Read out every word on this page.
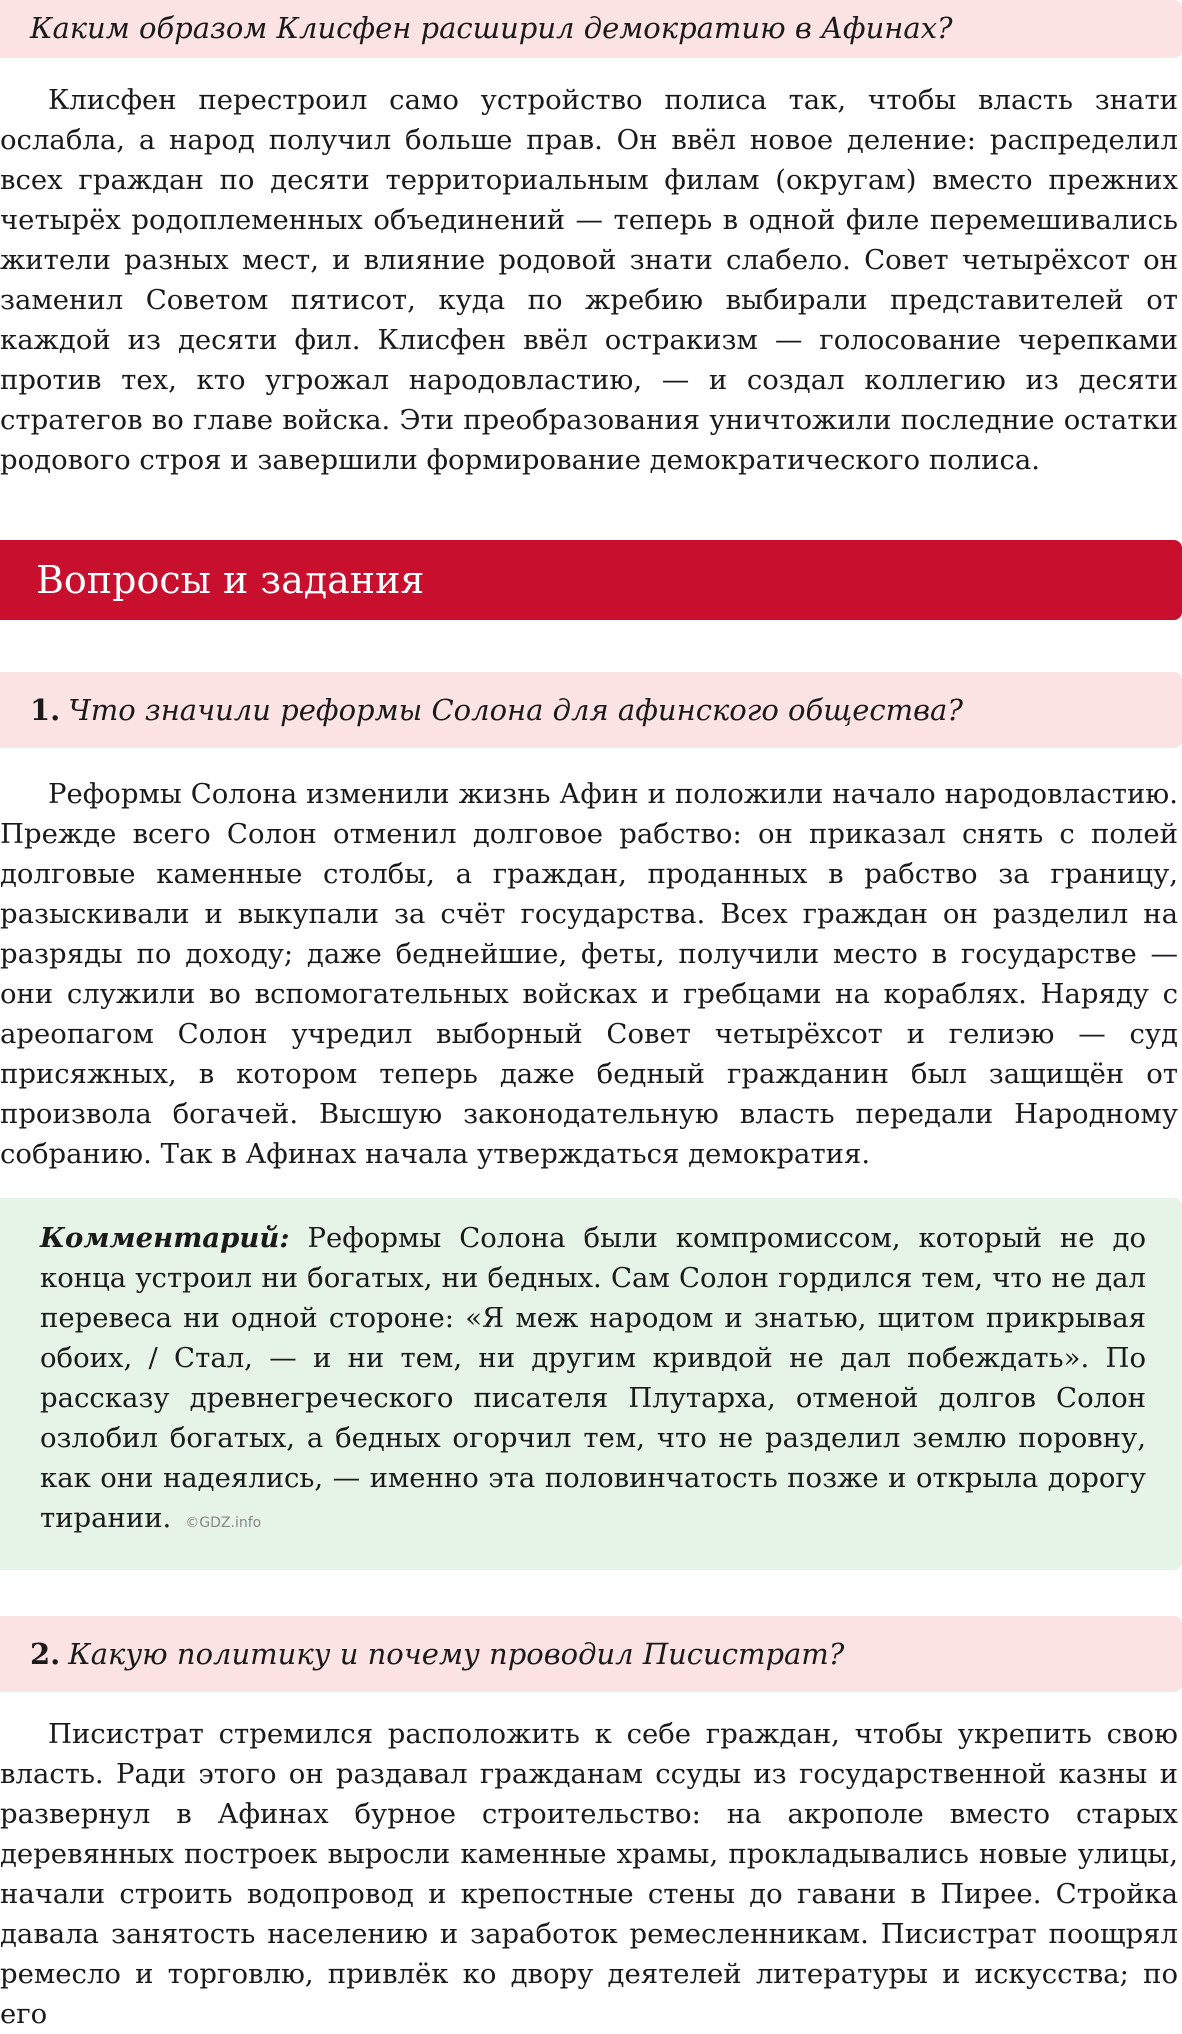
Каким образом Клисфен расширил демократию в Афинах?

Клисфен перестроил само устройство полиса так, чтобы власть знати ослабла, а народ получил больше прав. Он ввёл новое деление: распределил всех граждан по десяти территориальным филам (округам) вместо прежних четырёх родоплеменных объединений — теперь в одной филе перемешивались жители разных мест, и влияние родовой знати слабело. Совет четырёхсот он заменил Советом пятисот, куда по жребию выбирали представителей от каждой из десяти фил. Клисфен ввёл остракизм — голосование черепками против тех, кто угрожал народовластию, — и создал коллегию из десяти стратегов во главе войска. Эти преобразования уничтожили последние остатки родового строя и завершили формирование демократического полиса.

Вопросы и задания
1. Что значили реформы Солона для афинского общества?

Реформы Солона изменили жизнь Афин и положили начало народовластию. Прежде всего Солон отменил долговое рабство: он приказал снять с полей долговые каменные столбы, а граждан, проданных в рабство за границу, разыскивали и выкупали за счёт государства. Всех граждан он разделил на разряды по доходу; даже беднейшие, феты, получили место в государстве — они служили во вспомогательных войсках и гребцами на кораблях. Наряду с ареопагом Солон учредил выборный Совет четырёхсот и гелиэю — суд присяжных, в котором теперь даже бедный гражданин был защищён от произвола богачей. Высшую законодательную власть передали Народному собранию. Так в Афинах начала утверждаться демократия.

Комментарий: Реформы Солона были компромиссом, который не до конца устроил ни богатых, ни бедных. Сам Солон гордился тем, что не дал перевеса ни одной стороне: «Я меж народом и знатью, щитом прикрывая обоих, / Стал, — и ни тем, ни другим кривдой не дал побеждать». По рассказу древнегреческого писателя Плутарха, отменой долгов Солон озлобил богатых, а бедных огорчил тем, что не разделил землю поровну, как они надеялись, — именно эта половинчатость позже и открыла дорогу тирании. ©GDZ.info

2. Какую политику и почему проводил Писистрат?

Писистрат стремился расположить к себе граждан, чтобы укрепить свою власть. Ради этого он раздавал гражданам ссуды из государственной казны и развернул в Афинах бурное строительство: на акрополе вместо старых деревянных построек выросли каменные храмы, прокладывались новые улицы, начали строить водопровод и крепостные стены до гавани в Пирее. Стройка давала занятость населению и заработок ремесленникам. Писистрат поощрял ремесло и торговлю, привлёк ко двору деятелей литературы и искусства; по его
